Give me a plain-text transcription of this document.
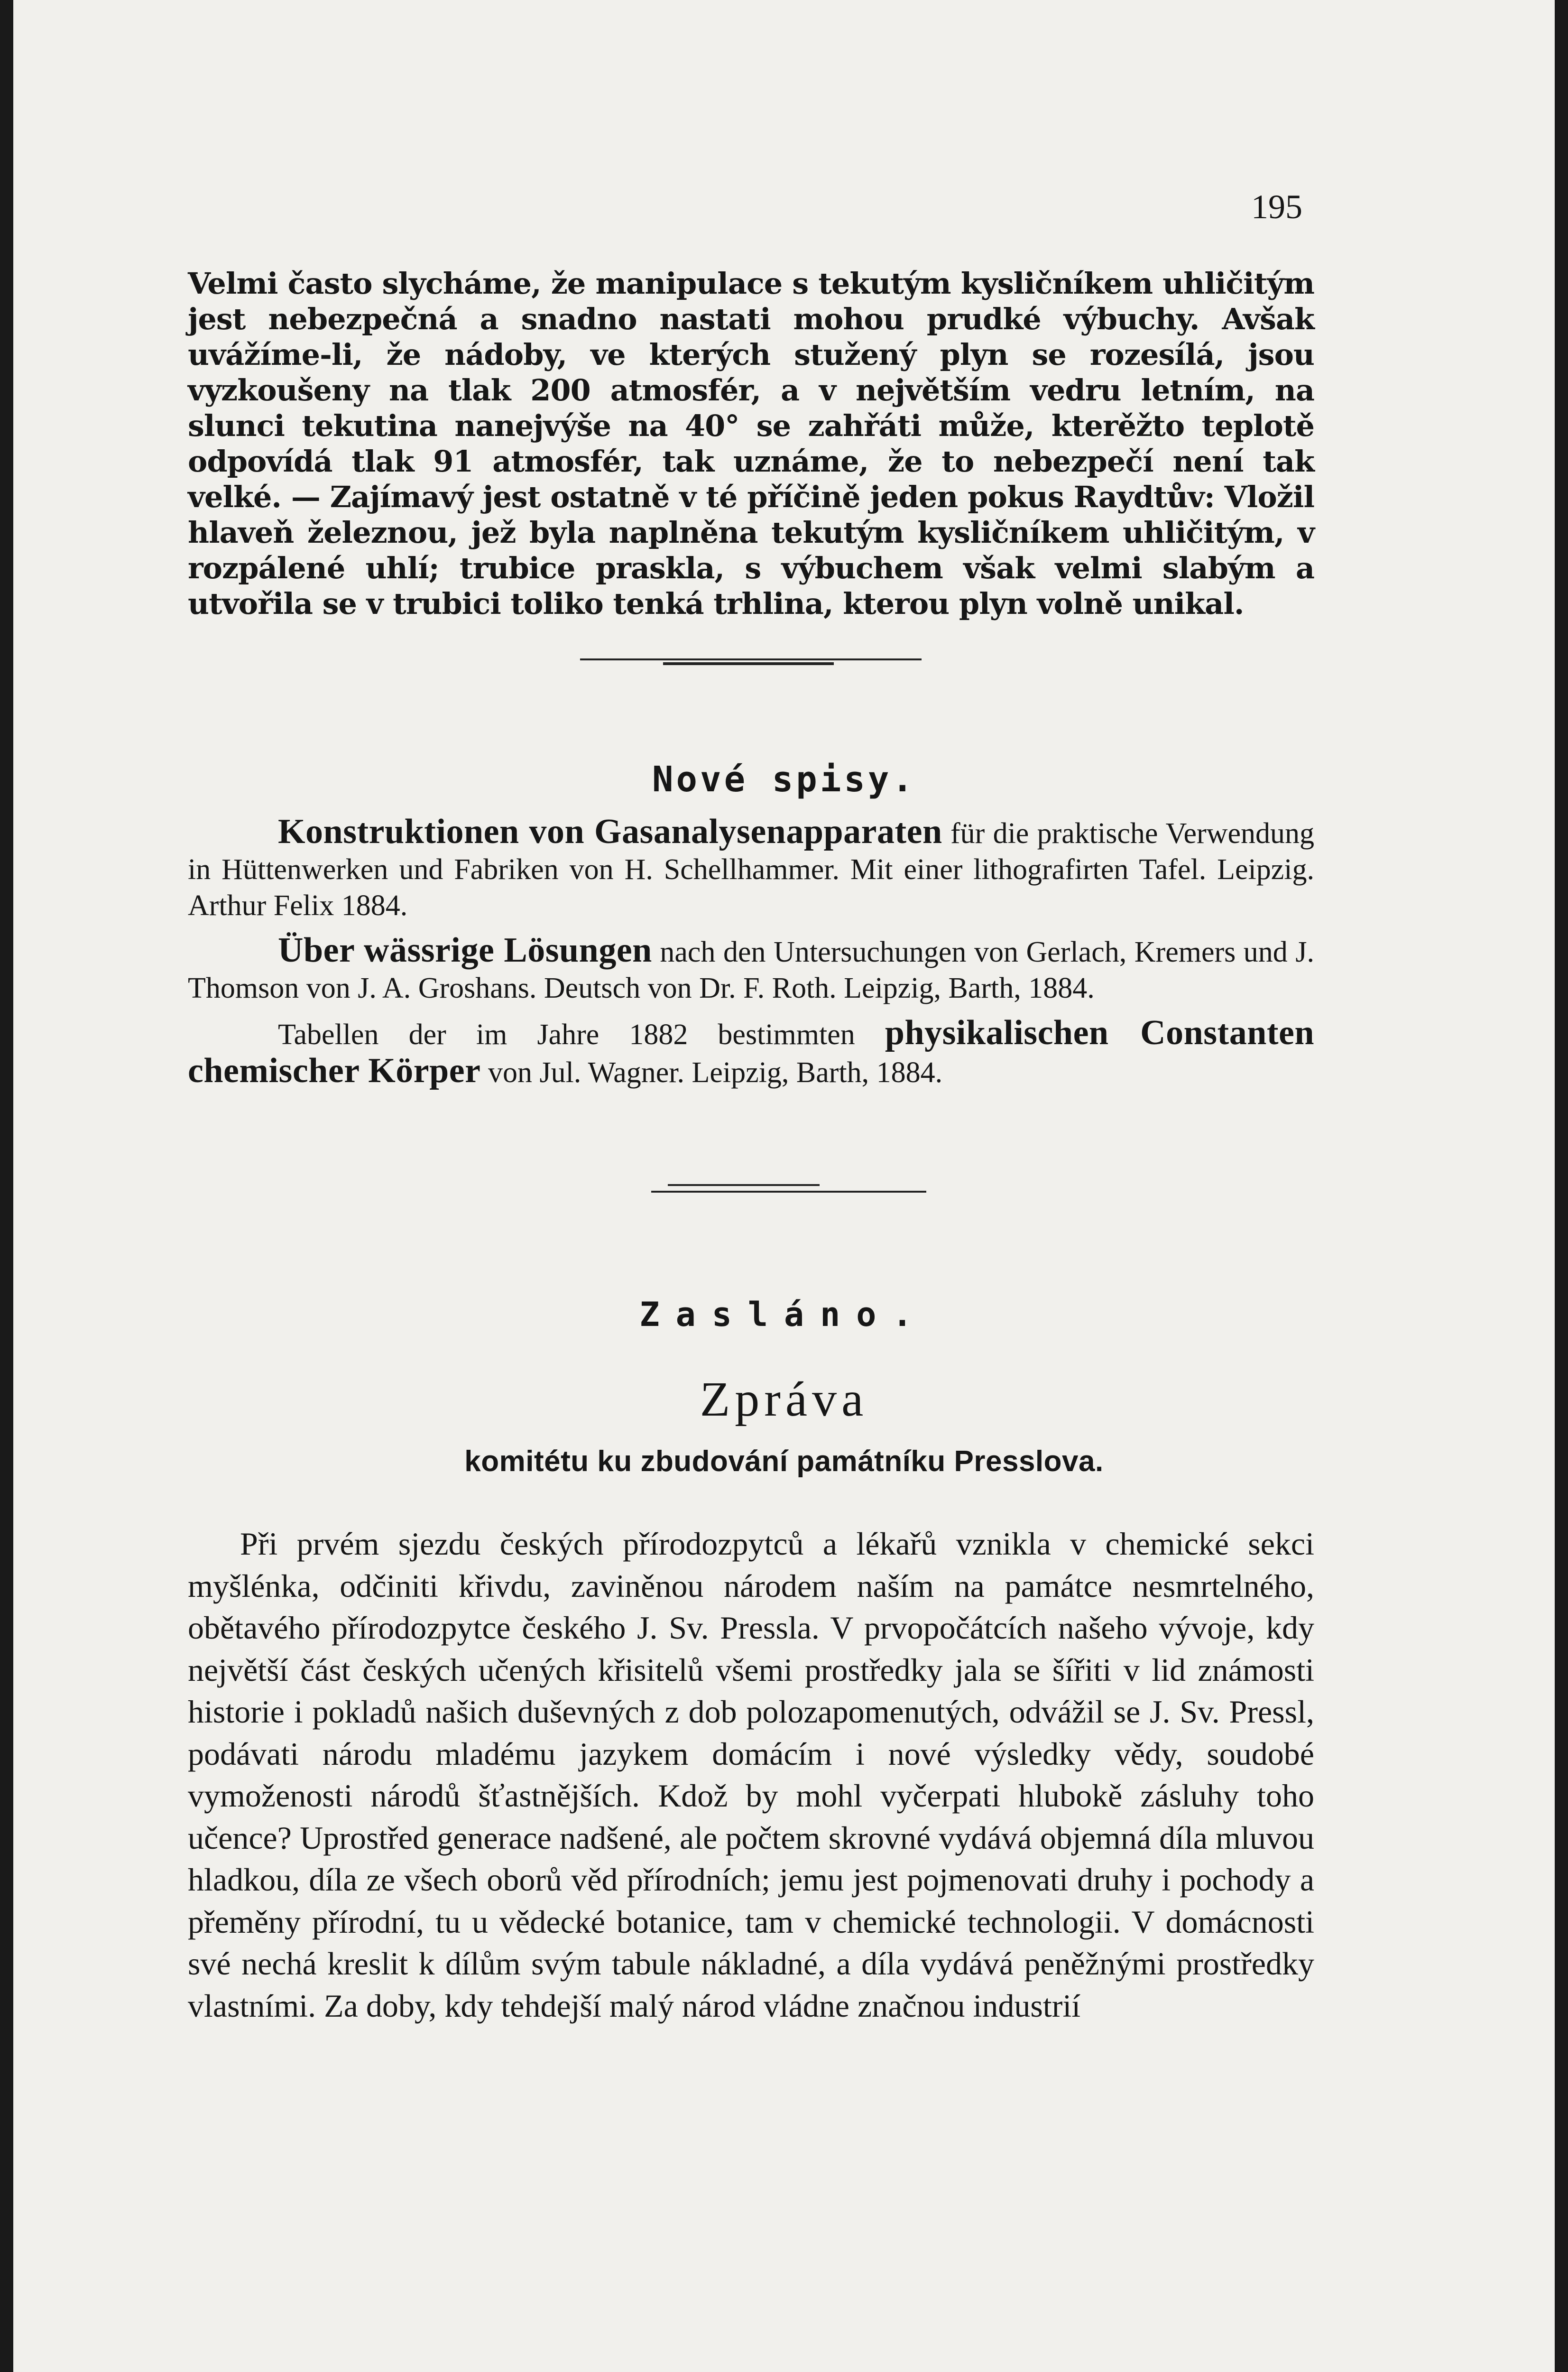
195

Velmi často slycháme, že manipulace s tekutým kysličníkem uhličitým jest nebezpečná a snadno nastati mohou prudké výbuchy. Avšak uvážíme-li, že nádoby, ve kterých stužený plyn se rozesílá, jsou vyzkoušeny na tlak 200 atmosfér, a v největším vedru letním, na slunci tekutina nanejvýše na 40° se zahřáti může, kterěžto teplotě odpovídá tlak 91 atmosfér, tak uznáme, že to nebezpečí není tak velké. — Zajímavý jest ostatně v té příčině jeden pokus Raydtův: Vložil hlaveň železnou, jež byla naplněna tekutým kysličníkem uhličitým, v rozpálené uhlí; trubice praskla, s výbuchem však velmi slabým a utvořila se v trubici toliko tenká trhlina, kterou plyn volně unikal.

Nové spisy.

Konstruktionen von Gasanalysenapparaten für die praktische Verwendung in Hüttenwerken und Fabriken von H. Schellhammer. Mit einer lithografirten Tafel. Leipzig. Arthur Felix 1884.

Über wässrige Lösungen nach den Untersuchungen von Gerlach, Kremers und J. Thomson von J. A. Groshans. Deutsch von Dr. F. Roth. Leipzig, Barth, 1884.

Tabellen der im Jahre 1882 bestimmten physikalischen Constanten chemischer Körper von Jul. Wagner. Leipzig, Barth, 1884.

Zasláno.
Zpráva
komitétu ku zbudování památníku Presslova.

Při prvém sjezdu českých přírodozpytců a lékařů vznikla v chemické sekci myšlénka, odčiniti křivdu, zaviněnou národem naším na památce nesmrtelného, obětavého přírodozpytce českého J. Sv. Pressla. V prvopočátcích našeho vývoje, kdy největší část českých učených křisitelů všemi prostředky jala se šířiti v lid známosti historie i pokladů našich duševných z dob polozapomenutých, odvážil se J. Sv. Pressl, podávati národu mladému jazykem domácím i nové výsledky vědy, soudobé vymoženosti národů šťastnějších. Kdož by mohl vyčerpati hlubokě zásluhy toho učence? Uprostřed generace nadšené, ale počtem skrovné vydává objemná díla mluvou hladkou, díla ze všech oborů věd přírodních; jemu jest pojmenovati druhy i pochody a přeměny přírodní, tu u vědecké botanice, tam v chemické technologii. V domácnosti své nechá kreslit k dílům svým tabule nákladné, a díla vydává peněžnými prostředky vlastními. Za doby, kdy tehdejší malý národ vládne značnou industrií
